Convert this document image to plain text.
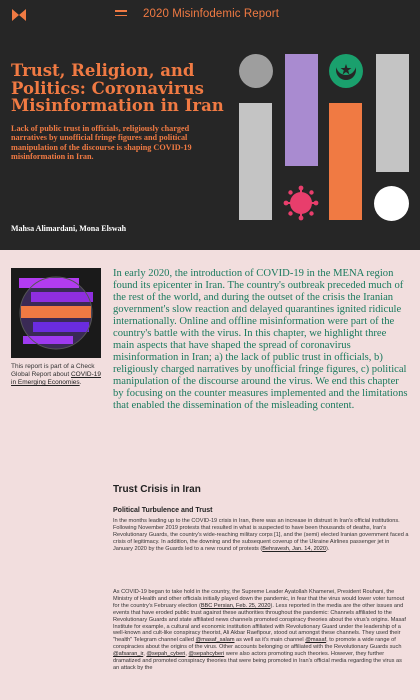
2020 Misinfodemic Report
Trust, Religion, and Politics: Coronavirus Misinformation in Iran

Lack of public trust in officials, religiously charged narratives by unofficial fringe figures and political manipulation of the discourse is shaping COVID-19 misinformation in Iran.

Mahsa Alimardani, Mona Elswah

This report is part of a Check Global Report about COVID-19 in Emerging Economies.

In early 2020, the introduction of COVID-19 in the MENA region found its epicenter in Iran. The country's outbreak preceded much of the rest of the world, and during the outset of the crisis the Iranian government's slow reaction and delayed quarantines ignited ridicule internationally. Online and offline misinformation were part of the country's battle with the virus. In this chapter, we highlight three main aspects that have shaped the spread of coronavirus misinformation in Iran; a) the lack of public trust in officials, b) religiously charged narratives by unofficial fringe figures, c) political manipulation of the discourse around the virus. We end this chapter by focusing on the counter measures implemented and the limitations that enabled the dissemination of the misleading content.

Trust Crisis in Iran
Political Turbulence and Trust

In the months leading up to the COVID-19 crisis in Iran, there was an increase in distrust in Iran's official institutions. Following November 2019 protests that resulted in what is suspected to have been thousands of deaths, Iran's Revolutionary Guards, the country's wide-reaching military corps [1], and the (semi) elected Iranian government faced a crisis of legitimacy. In addition, the downing and the subsequent coverup of the Ukraine Airlines passenger jet in January 2020 by the Guards led to a new round of protests (Behravesh, Jan. 14, 2020).

As COVID-19 began to take hold in the country, the Supreme Leader Ayatollah Khamenei, President Rouhani, the Ministry of Health and other officials initially played down the pandemic, in fear that the virus would lower voter turnout for the country's February election (BBC Persian, Feb. 25, 2020). Less reported in the media are the other issues and events that have eroded public trust against these authorities throughout the pandemic: Channels affiliated to the Revolutionary Guards and state affiliated news channels promoted conspiracy theories about the virus's origins. Masaf Institute for example, a cultural and economic institution affiliated with Revolutionary Guard under the leadership of a well-known and cult-like conspiracy theorist, Ali Akbar Raefipour, stood out amongst these channels. They used their "health" Telegram channel called @masaf_salam as well as it's main channel @masaf, to promote a wide range of conspiracies about the origins of the virus. Other accounts belonging or affiliated with the Revolutionary Guards such @afsaran_ir, @sepah_cyberi, @sepahcyberi were also actors promoting such theories. However, they further dramatized and promoted conspiracy theories that were being promoted in Iran's official media regarding the virus as an attack by the
